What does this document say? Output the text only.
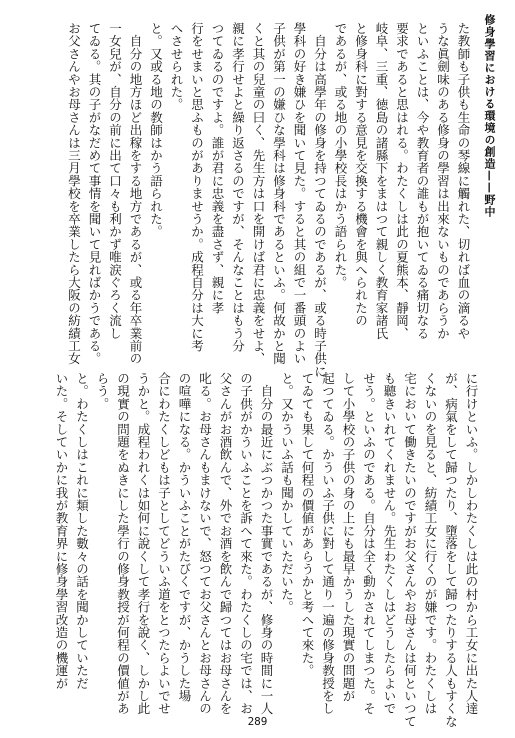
修身學習における環境の創造——野中
た教師も子供も生命の琴線に觸れた、切れば血の滴るや
うな眞劍味のある修身の學習は出來ないものであらうか
といふことは、今や教育者の誰もが抱いてゐる痛切なる
要求であると思はれる。わたくしは此の夏熊本、靜岡、
岐阜、三重、徳島の諸縣下をまはつて親しく教育家諸氏
と修身科に對する意見を交換する機會を與へられたの
であるが、或る地の小學校長はかう語られた。
　自分は高學年の修身を持つてゐるのであるが、或る時子供に
學科の好き嫌ひを聞いて見た。すると其の組で一番頭のよい
子供が第一の嫌ひな學科は修身科であるといふ。何故かと聞
くと其の兒童の曰く、先生方は口を開けば君に忠義をせよ、
親に孝行せよと繰り返さるのですが、そんなことはもう分
つてゐるのですよ。誰が君に忠義を盡さず、親に孝
行をせまいと思ふものがありませうか。成程自分は大に考
へさせられた。
と。又或る地の教師はかう語られた。
　自分の地方ほど出稼をする地方であるが、或る年卒業前の
一女兒が、自分の前に出て口々も利かず唯涙ぐろく流し
てゐる。其の子がなだめて事情を聞いて見ればかうである。
お父さんやお母さんは三月學校を卒業したら大阪の紡績工女
に行けといふ。しかしわたくしは此の村から工女に出た人達
が、病氣をして歸つたり、墮落をして歸つたりする人もすくな
くないのを見ると、紡績工女に行くのが嫌です。わたくしは
宅において働きたいのですがお父さんやお母さんは何といつて
も聽きいれてくれません。先生わたくしはどうしたらよいで
せう。といふのである。自分は全く動かされてしまつた。そ
して小學校の子供の身の上にも最早かうした現實の問題が
起つてゐる。かういふ子供に對して通り一遍の修身教授をし
てゐても果して何程の價値があらうかと考へて來た。
と。又かういふ話も聞かしていただいた。
　自分の最近にぶつかつた事實であるが、修身の時間に一人
の子供がかういふことを訴へて來た。わたくしの宅では、お
父さんがお酒飲んで、外でお酒を飲んで歸つてはお母さんを
叱る。お母さんもまけないで、怒つてお父さんとお母さんの
の喧嘩になる。かういふことがたびくですが、かうした場
合にわたくしどもは子としてどういふ道をとつたらよいでせ
うかと。成程われくは如何に說くして孝行を說く、しかし此
の現實の問題をぬきにした學行の修身教授が何程の價値があ
らう。
と。わたくしはこれに類した數々の話を聞かしていただ
いた。そしていかに我が教育界に修身學習改造の機運が
289
